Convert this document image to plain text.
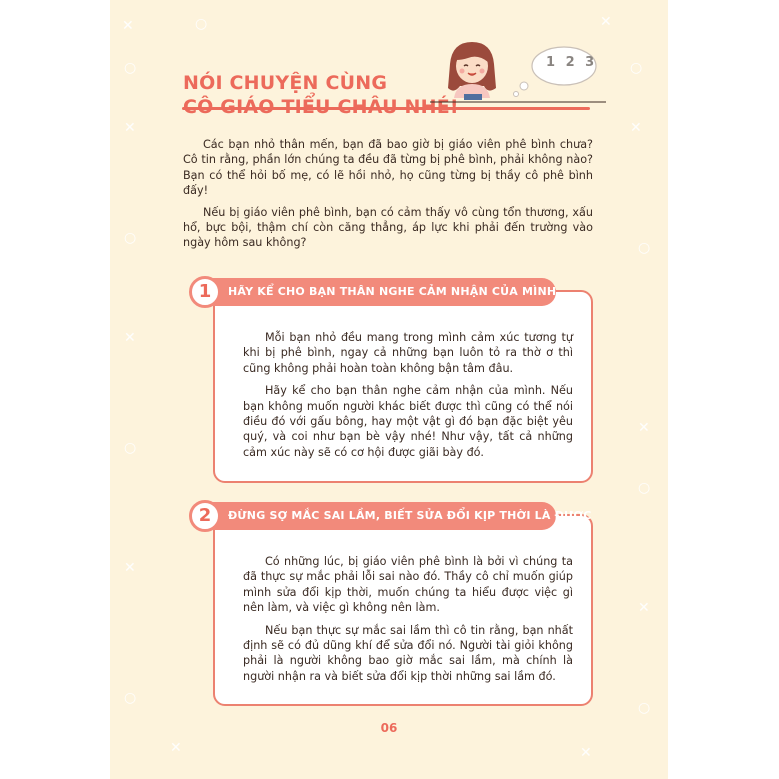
✕	○	✕
○
○
✕	✕
○
○
✕
✕
○
○
✕
✕
○
○
✕	✕
NÓI CHUYỆN CÙNG
1 2 3

Các bạn nhỏ thân mến, bạn đã bao giờ bị giáo viên phê bình chưa? Cô tin rằng, phần lớn chúng ta đều đã từng bị phê bình, phải không nào? Bạn có thể hỏi bố mẹ, có lẽ hồi nhỏ, họ cũng từng bị thầy cô phê bình đấy!

Nếu bị giáo viên phê bình, bạn có cảm thấy vô cùng tổn thương, xấu hổ, bực bội, thậm chí còn căng thẳng, áp lực khi phải đến trường vào ngày hôm sau không?

Mỗi bạn nhỏ đều mang trong mình cảm xúc tương tự khi bị phê bình, ngay cả những bạn luôn tỏ ra thờ ơ thì cũng không phải hoàn toàn không bận tâm đâu.

Hãy kể cho bạn thân nghe cảm nhận của mình. Nếu bạn không muốn người khác biết được thì cũng có thể nói điều đó với gấu bông, hay một vật gì đó bạn đặc biệt yêu quý, và coi như bạn bè vậy nhé! Như vậy, tất cả những cảm xúc này sẽ có cơ hội được giãi bày đó.

HÃY KỂ CHO BẠN THÂN NGHE CẢM NHẬN CỦA MÌNH
1

Có những lúc, bị giáo viên phê bình là bởi vì chúng ta đã thực sự mắc phải lỗi sai nào đó. Thầy cô chỉ muốn giúp mình sửa đổi kịp thời, muốn chúng ta hiểu được việc gì nên làm, và việc gì không nên làm.

Nếu bạn thực sự mắc sai lầm thì cô tin rằng, bạn nhất định sẽ có đủ dũng khí để sửa đổi nó. Người tài giỏi không phải là người không bao giờ mắc sai lầm, mà chính là người nhận ra và biết sửa đổi kịp thời những sai lầm đó.

ĐỪNG SỢ MẮC SAI LẦM, BIẾT SỬA ĐỔI KỊP THỜI LÀ ĐƯỢC
2
06
